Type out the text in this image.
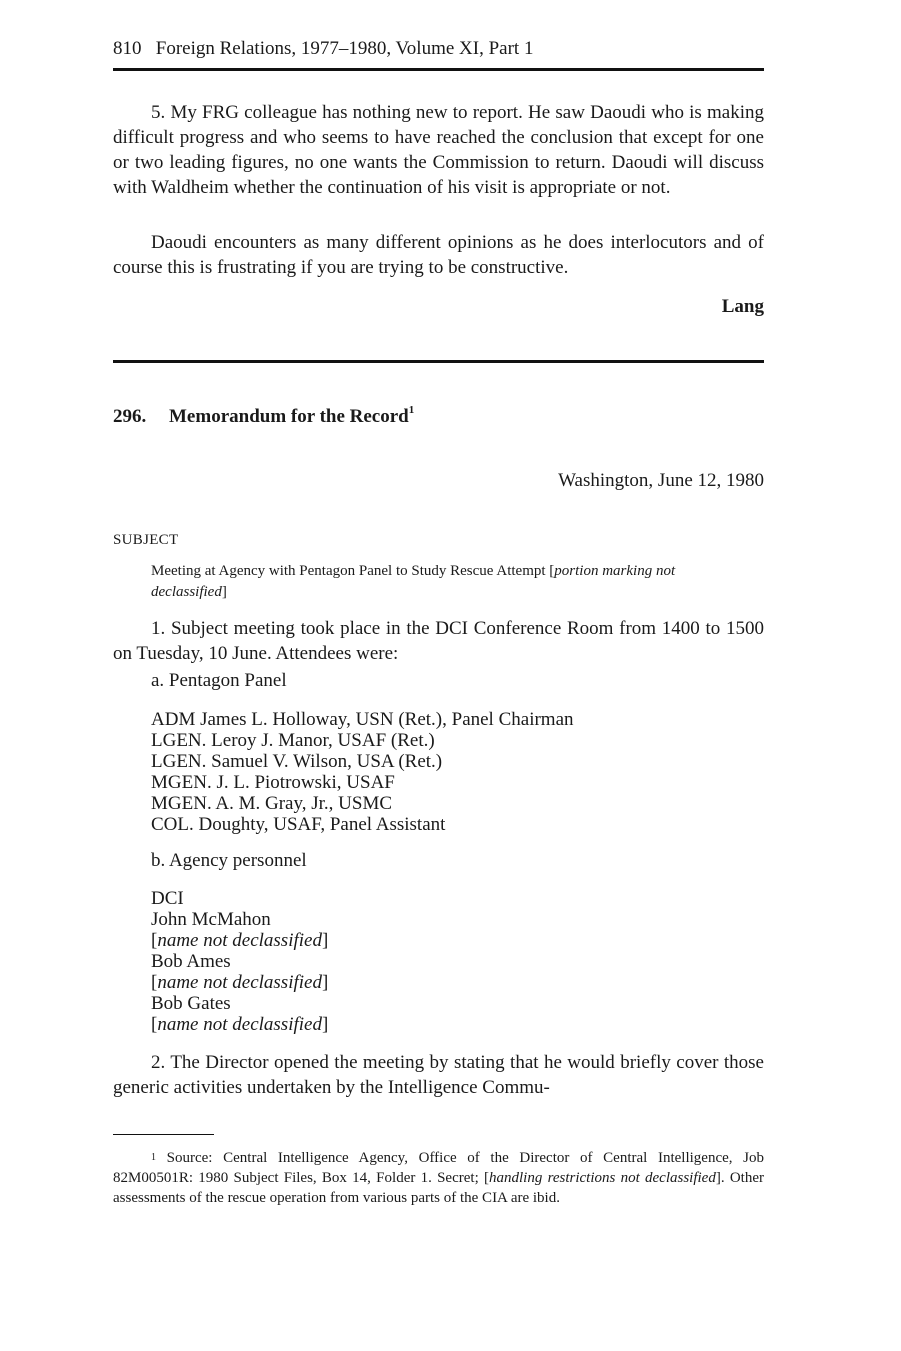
810 Foreign Relations, 1977–1980, Volume XI, Part 1

5. My FRG colleague has nothing new to report. He saw Daoudi who is making difficult progress and who seems to have reached the conclusion that except for one or two leading figures, no one wants the Commission to return. Daoudi will discuss with Waldheim whether the continuation of his visit is appropriate or not.

Daoudi encounters as many different opinions as he does interlocutors and of course this is frustrating if you are trying to be constructive.

Lang
296. Memorandum for the Record$^1$
Washington, June 12, 1980
SUBJECT
Meeting at Agency with Pentagon Panel to Study Rescue Attempt [portion marking not declassified]

1. Subject meeting took place in the DCI Conference Room from 1400 to 1500 on Tuesday, 10 June. Attendees were:

a. Pentagon Panel
ADM James L. Holloway, USN (Ret.), Panel Chairman
LGEN. Leroy J. Manor, USAF (Ret.)
LGEN. Samuel V. Wilson, USA (Ret.)
MGEN. J. L. Piotrowski, USAF
MGEN. A. M. Gray, Jr., USMC
COL. Doughty, USAF, Panel Assistant
b. Agency personnel
DCI
John McMahon
[name not declassified]
Bob Ames
[name not declassified]
Bob Gates
[name not declassified]

2. The Director opened the meeting by stating that he would briefly cover those generic activities undertaken by the Intelligence Commu-

$^1$ Source: Central Intelligence Agency, Office of the Director of Central Intelligence, Job 82M00501R: 1980 Subject Files, Box 14, Folder 1. Secret; [handling restrictions not declassified]. Other assessments of the rescue operation from various parts of the CIA are ibid.
